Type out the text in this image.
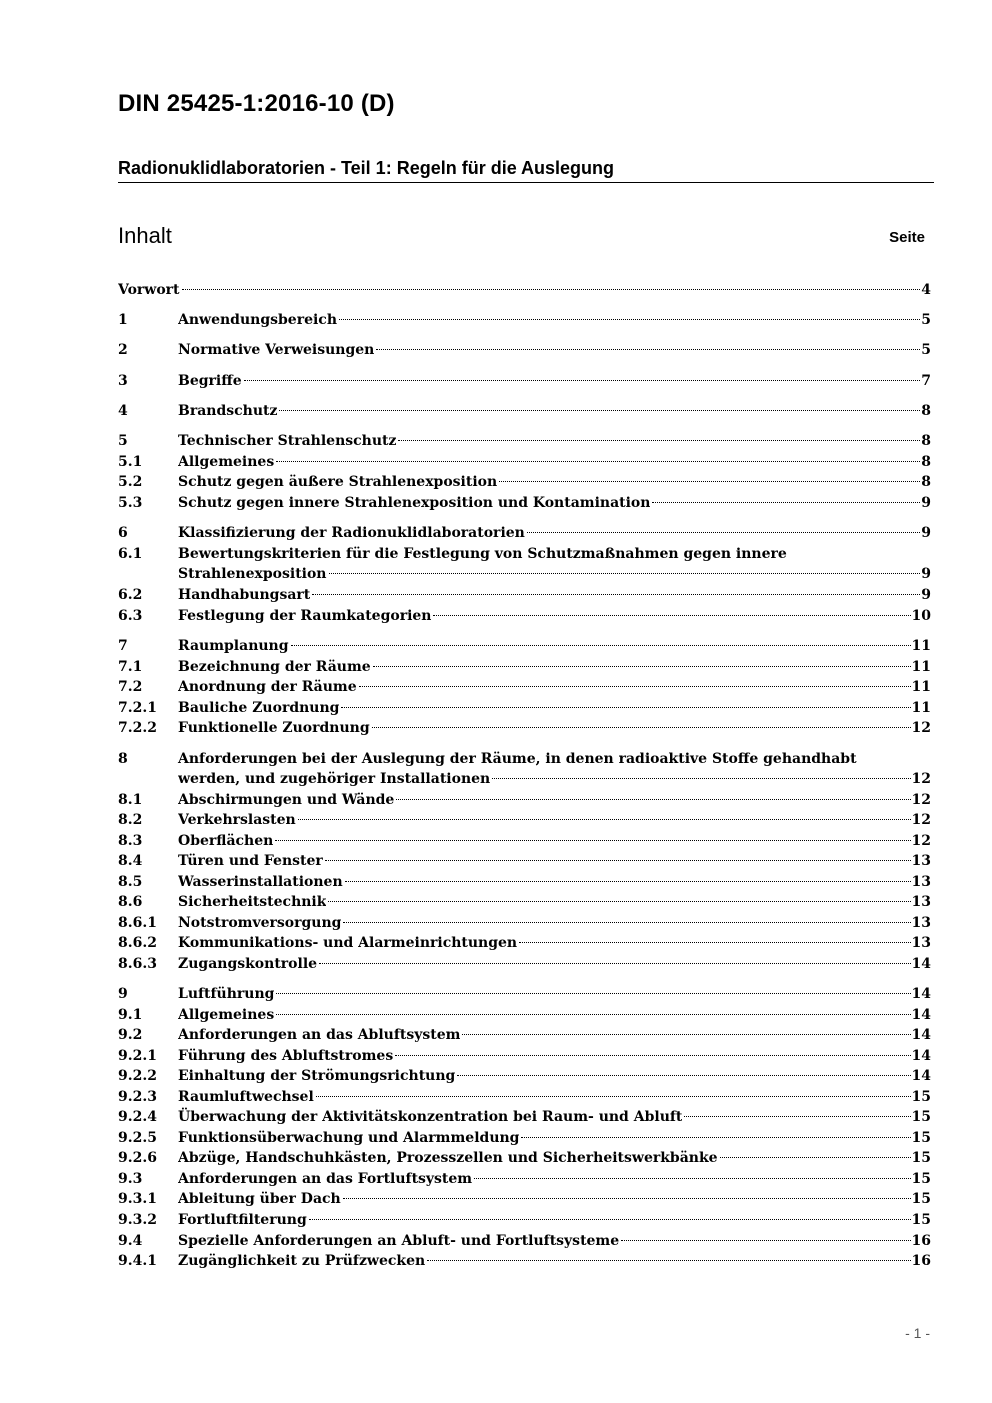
DIN 25425-1:2016-10 (D)
Radionuklidlaboratorien - Teil 1: Regeln für die Auslegung
Inhalt	Seite
Vorwort	4
1	Anwendungsbereich	5
2	Normative Verweisungen	5
3	Begriffe	7
4	Brandschutz	8
5	Technischer Strahlenschutz	8
5.1	Allgemeines	8
5.2	Schutz gegen äußere Strahlenexposition	8
5.3	Schutz gegen innere Strahlenexposition und Kontamination	9
6	Klassifizierung der Radionuklidlaboratorien	9
6.1	Bewertungskriterien für die Festlegung von Schutzmaßnahmen gegen innere
Strahlenexposition	9
6.2	Handhabungsart	9
6.3	Festlegung der Raumkategorien	10
7	Raumplanung	11
7.1	Bezeichnung der Räume	11
7.2	Anordnung der Räume	11
7.2.1 Bauliche Zuordnung	11
7.2.2 Funktionelle Zuordnung	12
8	Anforderungen bei der Auslegung der Räume, in denen radioaktive Stoffe gehandhabt
werden, und zugehöriger Installationen	12
8.1	Abschirmungen und Wände	12
8.2	Verkehrslasten	12
8.3	Oberflächen	12
8.4	Türen und Fenster	13
8.5	Wasserinstallationen	13
8.6	Sicherheitstechnik	13
8.6.1 Notstromversorgung	13
8.6.2 Kommunikations- und Alarmeinrichtungen	13
8.6.3 Zugangskontrolle	14
9	Luftführung	14
9.1	Allgemeines	14
9.2	Anforderungen an das Abluftsystem	14
9.2.1 Führung des Abluftstromes	14
9.2.2 Einhaltung der Strömungsrichtung	14
9.2.3 Raumluftwechsel	15
9.2.4 Überwachung der Aktivitätskonzentration bei Raum- und Abluft	15
9.2.5 Funktionsüberwachung und Alarmmeldung	15
9.2.6 Abzüge, Handschuhkästen, Prozesszellen und Sicherheitswerkbänke	15
9.3	Anforderungen an das Fortluftsystem	15
9.3.1 Ableitung über Dach	15
9.3.2 Fortluftfilterung	15
9.4	Spezielle Anforderungen an Abluft- und Fortluftsysteme	16
9.4.1 Zugänglichkeit zu Prüfzwecken	16
- 1 -
